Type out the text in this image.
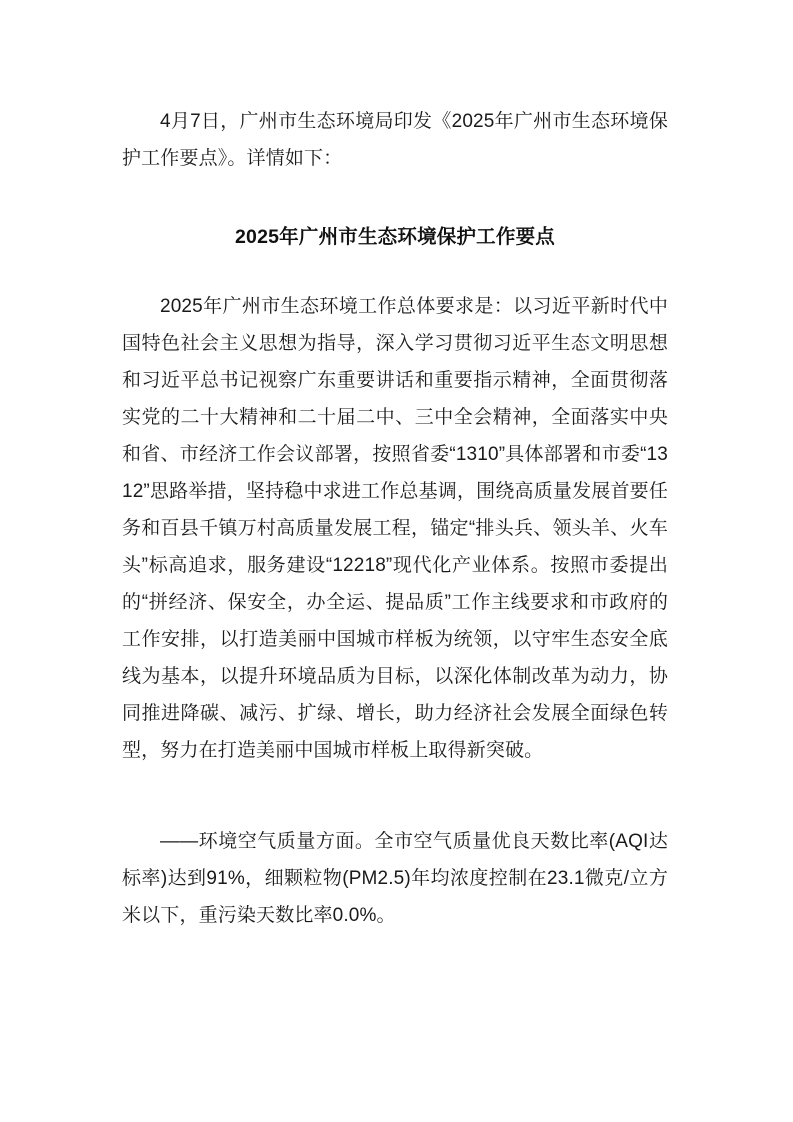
4月7日，广州市生态环境局印发《2025年广州市生态环境保护工作要点》。详情如下：

2025年广州市生态环境保护工作要点

2025年广州市生态环境工作总体要求是：以习近平新时代中国特色社会主义思想为指导，深入学习贯彻习近平生态文明思想和习近平总书记视察广东重要讲话和重要指示精神，全面贯彻落实党的二十大精神和二十届二中、三中全会精神，全面落实中央和省、市经济工作会议部署，按照省委“1310”具体部署和市委“1312”思路举措，坚持稳中求进工作总基调，围绕高质量发展首要任务和百县千镇万村高质量发展工程，锚定“排头兵、领头羊、火车头”标高追求，服务建设“12218”现代化产业体系。按照市委提出的“拼经济、保安全，办全运、提品质”工作主线要求和市政府的工作安排，以打造美丽中国城市样板为统领，以守牢生态安全底线为基本，以提升环境品质为目标，以深化体制改革为动力，协同推进降碳、减污、扩绿、增长，助力经济社会发展全面绿色转型，努力在打造美丽中国城市样板上取得新突破。

——环境空气质量方面。全市空气质量优良天数比率(AQI达标率)达到91%，细颗粒物(PM2.5)年均浓度控制在23.1微克/立方米以下，重污染天数比率0.0%。
